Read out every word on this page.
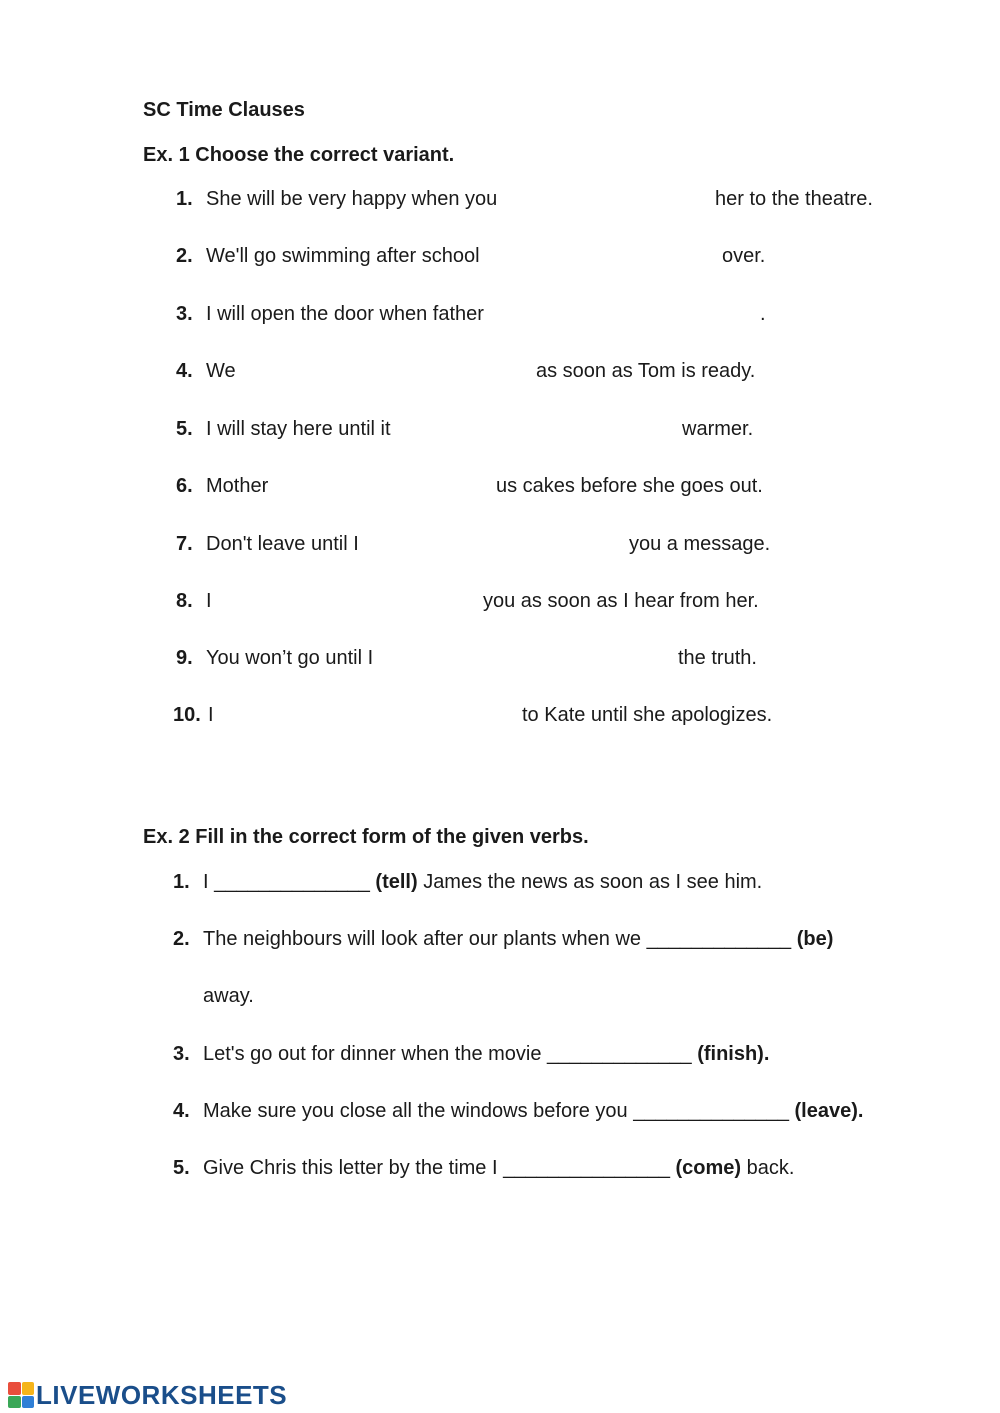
SC Time Clauses
Ex. 1 Choose the correct variant.
1. She will be very happy when you	her to the theatre.
2. We'll go swimming after school	over.
3. I will open the door when father	.
4. We	as soon as Tom is ready.
5. I will stay here until it	warmer.
6. Mother	us cakes before she goes out.
7. Don't leave until I	you a message.
8. I	you as soon as I hear from her.
9. You won’t go until I	the truth.
10. I	to Kate until she apologizes.
Ex. 2 Fill in the correct form of the given verbs.
1. I ______________ (tell) James the news as soon as I see him.
2. The neighbours will look after our plants when we _____________ (be)
away.
3. Let's go out for dinner when the movie _____________ (finish).
4. Make sure you close all the windows before you ______________ (leave).
5. Give Chris this letter by the time I _______________ (come) back.
LIVEWORKSHEETS
